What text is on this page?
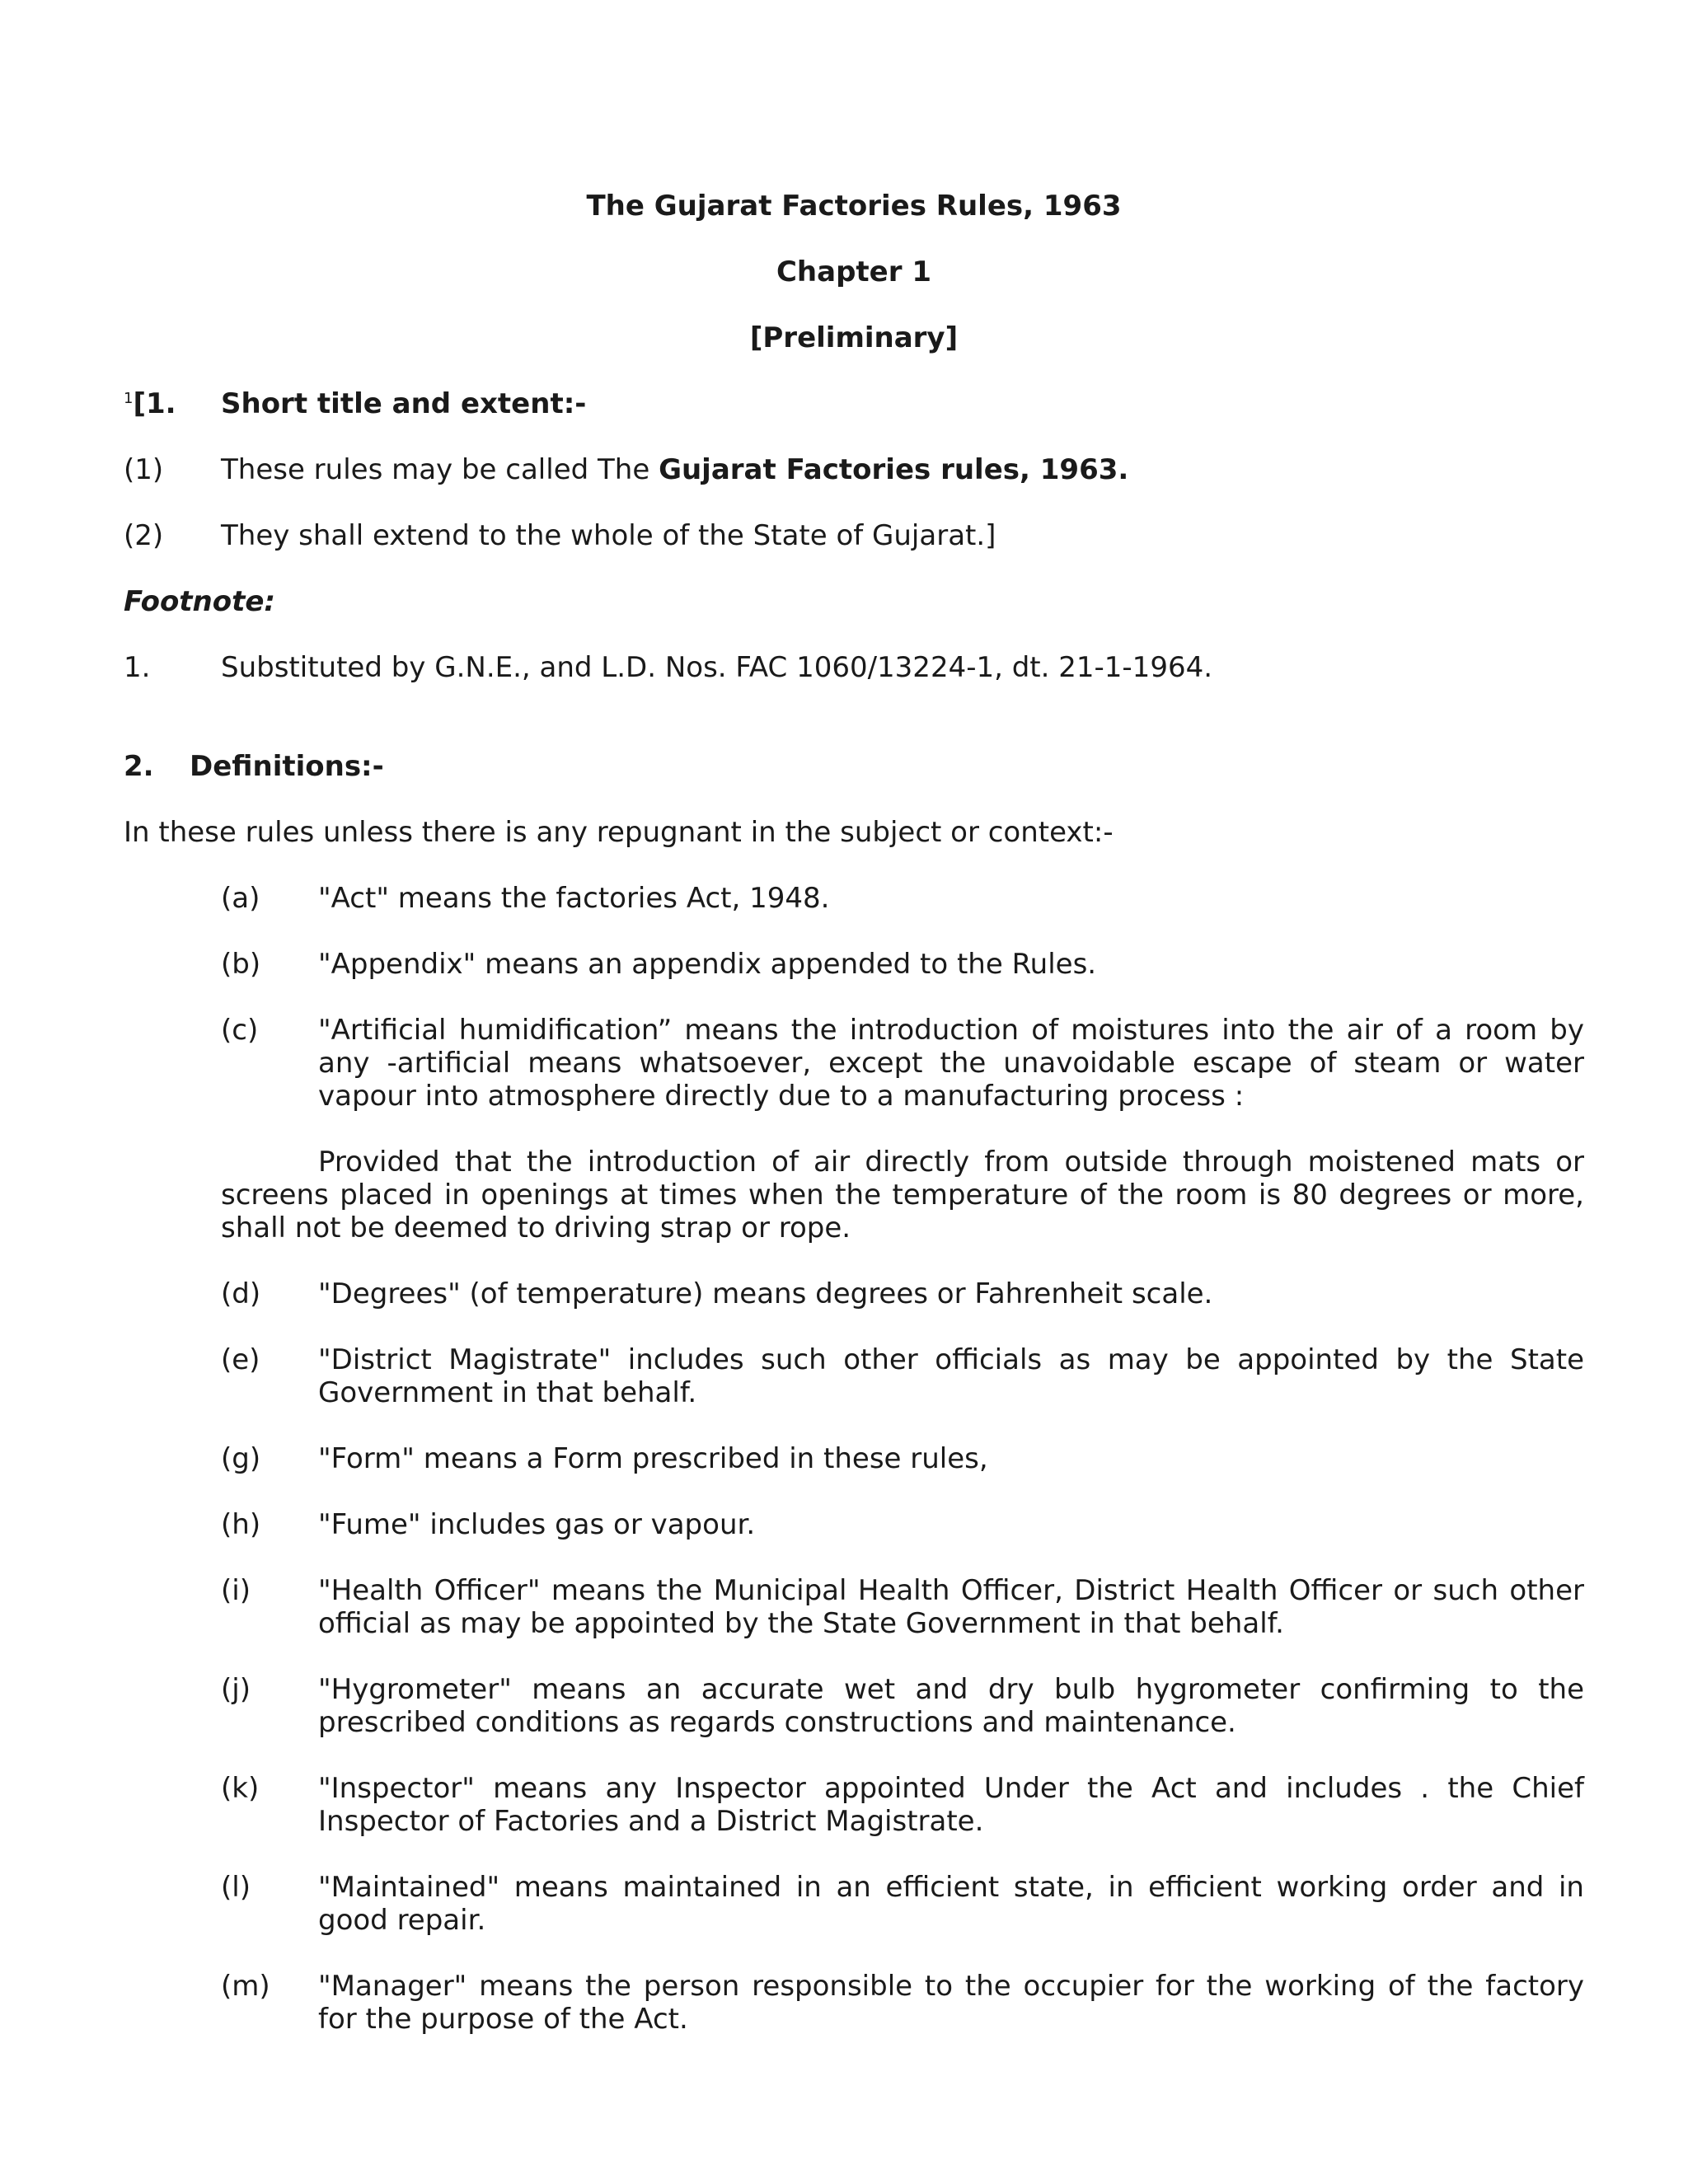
The Gujarat Factories Rules, 1963

Chapter 1

[Preliminary]

$^1$[1.	Short title and extent:-
(1)	These rules may be called The Gujarat Factories rules, 1963.
(2)	They shall extend to the whole of the State of Gujarat.]
Footnote:
1.	Substituted by G.N.E., and L.D. Nos. FAC 1060/13224-1, dt. 21-1-1964.
2.	Definitions:-
In these rules unless there is any repugnant in the subject or context:-
(a)	"Act" means the factories Act, 1948.
(b)	"Appendix" means an appendix appended to the Rules.
(c)	"Artificial humidification” means the introduction of moistures into the air of a room by any -artificial means whatsoever, except the unavoidable escape of steam or water vapour into atmosphere directly due to a manufacturing process :

Provided that the introduction of air directly from outside through moistened mats or screens placed in openings at times when the temperature of the room is 80 degrees or more, shall not be deemed to driving strap or rope.

(d)	"Degrees" (of temperature) means degrees or Fahrenheit scale.
(e)	"District Magistrate" includes such other officials as may be appointed by the State Government in that behalf.
(g)	"Form" means a Form prescribed in these rules,
(h)	"Fume" includes gas or vapour.
(i)	"Health Officer" means the Municipal Health Officer, District Health Officer or such other official as may be appointed by the State Government in that behalf.
(j)	"Hygrometer" means an accurate wet and dry bulb hygrometer confirming to the prescribed conditions as regards constructions and maintenance.
(k)	"Inspector" means any Inspector appointed Under the Act and includes . the Chief Inspector of Factories and a District Magistrate.
(l)	"Maintained" means maintained in an efficient state, in efficient working order and in good repair.
(m)	"Manager" means the person responsible to the occupier for the working of the factory for the purpose of the Act.
